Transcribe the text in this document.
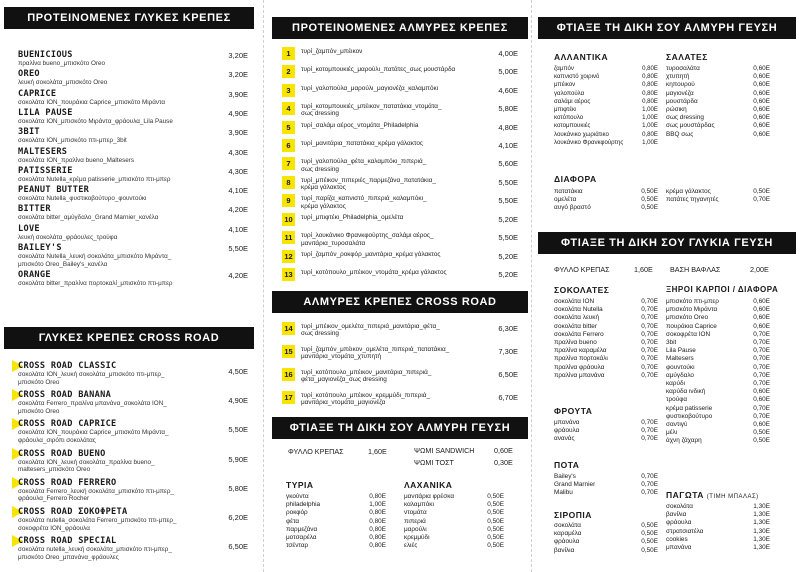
ΠΡΟΤΕΙΝΟΜΕΝΕΣ ΓΛΥΚΕΣ ΚΡΕΠΕΣ
BUENICIOUS
πραλίνα bueno_μπισκότο Oreo
3,20E
OREO
λευκή σοκολάτα_μπισκότο Oreo
3,20E
CAPRICE
σοκολάτα ION_πουράκια Caprice_μπισκότο Μιράντα
3,90E
LILA PAUSE
σοκολάτα ION_μπισκότο Μιράντα_φράουλα_Lila Pause
4,90E
3BIT
σοκολάτα ION_μπισκότο πτι-μπερ_3bit
3,90E
MALTESERS
σοκολάτα ION_πραλίνα bueno_Maltesers
4,30E
PATISSERIE
σοκολάτα Nutella_κρέμα patisserie_μπισκότο πτι-μπερ
4,30E
PEANUT BUTTER
σοκολάτα Nutella_φυστικοβούτυρο_φουντούκι
4,10E
BITTER
σοκολάτα bitter_αμύγδαλο_Grand Marnier_κανέλα
4,20E
LOVE
λευκή σοκολάτα_φράουλες_τρούφα
4,10E
BAILEY'S
σοκολάτα Nutella_λευκή σοκολάτα_μπισκότο Μιράντα_
μπισκότο Oreo_Bailey's_κανέλα
5,50E
ORANGE
σοκολάτα bitter_πραλίνα πορτοκαλί_μπισκότο πτι-μπερ
4,20E
ΓΛΥΚΕΣ ΚΡΕΠΕΣ CROSS ROAD
CROSS ROAD CLASSIC
σοκολάτα ION_λευκή σοκολάτα_μπισκότο πτι-μπερ_
μπισκότο Oreo
4,50E
CROSS ROAD BANANA
σοκολάτα Ferrero_πραλίνα μπανάνα_σοκολάτα ION_
μπισκότο Oreo
4,90E
CROSS ROAD CAPRICE
σοκολάτα ION_πουράκια Caprice_μπισκότο Μιράντα_
φράουλα_σιρόπι σοκολάτας
5,50E
CROSS ROAD BUENO
σοκολάτα ION_λευκή σοκολάτα_πραλίνα bueno_
maltesers_μπισκότο Oreo
5,90E
CROSS ROAD FERRERO
σοκολάτα Ferrero_λευκή σοκολάτα_μπισκότο πτι-μπερ_
φράουλα_Ferrero Rocher
5,80E
CROSS ROAD ΣΟΚΟΦΡΕΤΑ
σοκολάτα nutella_σοκολάτα Ferrero_μπισκότο πτι-μπερ_
σοκοφρέτα ION_φράουλα
6,20E
CROSS ROAD SPECIAL
σοκολάτα nutella_λευκή σοκολάτα_μπισκότο πτι-μπερ_
μπισκότο Oreo_μπανάνα_φράουλες
6,50E
ΠΡΟΤΕΙΝΟΜΕΝΕΣ ΑΛΜΥΡΕΣ ΚΡΕΠΕΣ
1	τυρί_ζαμπόν_μπέικον	4,00E
2	τυρί_κοτομπουκιές_μαρούλι_πατάτες_σως μουστάρδα	5,00E
3	τυρί_γαλοπούλα_μαρούλι_μαγιονέζα_καλαμπόκι	4,60E
4	τυρί_κοτομπουκιές_μπέικον_πατατάκια_ντομάτα_
σως dressing
5,80E
5	τυρί_σαλάμι αέρος_ντομάτα_Philadelphia	4,80E
6	τυρί_μανιτάρια_πατατάκια_κρέμα γάλακτος	4,10E
7	τυρί_γαλοπούλα_φέτα_καλαμπόκι_πιπεριά_
σως dressing
5,60E
8	τυρί_μπέικον_πιπεριές_παρμεζάνα_πατατάκια_
κρέμα γάλακτος
5,50E
9	τυρί_παρίζα_καπνιστό_πιπεριά_καλαμπόκι_
κρέμα γάλακτος
5,50E
10	τυρί_μπιφτέκι_Philadelphia_ομελέτα	5,20E
11	τυρί_λουκάνικο Φρανκφούρτης_σαλάμι αέρος_
μανιτάρια_τυροσαλάτα
5,50E
12	τυρί_ζαμπόν_ροκφόρ_μανιτάρια_κρέμα γάλακτος	5,20E
13	τυρί_κοτόπουλο_μπέικον_ντομάτα_κρέμα γάλακτος	5,20E
ΑΛΜΥΡΕΣ ΚΡΕΠΕΣ CROSS ROAD
14	τυρί_μπέικον_ομελέτα_πιπεριά_μανιτάρια_φέτα_
σως dressing
6,30E
15	τυρί_ζαμπόν_μπέικον_ομελέτα_πιπεριά_πατατάκια_
μανιτάρια_ντομάτα_χτυπητή
7,30E
16	τυρί_κοτόπουλο_μπέικον_μανιτάρια_πιπεριά_
φέτα_μαγιονέζα_σως dressing
6,50E
17	τυρί_κοτόπουλο_μπέικον_κρεμμύδι_πιπεριά_
μανιτάρια_ντομάτα_μαγιονέζα
6,70E
ΦΤΙΑΞΕ ΤΗ ΔΙΚΗ ΣΟΥ ΑΛΜΥΡΗ ΓΕΥΣΗ
ΦΥΛΛΟ ΚΡΕΠΑΣ	1,60E	ΨΩΜΙ SANDWICH	0,60E
ΨΩΜΙ ΤΟΣΤ	0,30E
ΤΥΡΙΑ
γκούντα	0,80E
philadelphia	1,00E
ροκφόρ	0,80E
φέτα	0,80E
παρμεζάνα	0,80E
μοτσαρέλα	0,80E
τσένταρ	0,80E
ΛΑΧΑΝΙΚΑ
μανιτάρια φρέσκα	0,50E
καλαμπόκι	0,50E
ντομάτα	0,50E
πιπεριά	0,50E
μαρούλι	0,50E
κρεμμύδι	0,50E
ελιές	0,50E
ΦΤΙΑΞΕ ΤΗ ΔΙΚΗ ΣΟΥ ΑΛΜΥΡΗ ΓΕΥΣΗ
ΑΛΛΑΝΤΙΚΑ
ζαμπόν	0,80E
καπνιστό χοιρινό	0,80E
μπέικον	0,80E
γαλοπούλα	0,80E
σαλάμι αέρος	0,80E
μπιφτέκι	1,00E
κοτόπουλο	1,00E
κοτομπουκιές	1,00E
λουκάνικο χωριάτικο	0,80E
λουκάνικο Φρανκφούρτης	1,00E
ΣΑΛΑΤΕΣ
τυροσαλάτα	0,60E
χτυπητή	0,60E
κηπουρού	0,60E
μαγιονέζα	0,60E
μουστάρδα	0,60E
ρώσικη	0,60E
σως dressing	0,60E
σως μουστάρδας	0,60E
BBQ σως	0,60E
ΔΙΑΦΟΡΑ
πατατάκια	0,50E
ομελέτα	0,50E
αυγό βραστό	0,50E
κρέμα γάλακτος	0,50E
πατάτες τηγανητές	0,70E
ΦΤΙΑΞΕ ΤΗ ΔΙΚΗ ΣΟΥ ΓΛΥΚΙΑ ΓΕΥΣΗ
ΦΥΛΛΟ ΚΡΕΠΑΣ	1,60E ΒΑΣΗ ΒΑΦΛΑΣ	2,00E
ΣΟΚΟΛΑΤΕΣ
σοκολάτα ION	0,70E
σοκολάτα Nutella	0,70E
σοκολάτα λευκή	0,70E
σοκολάτα bitter	0,70E
σοκολάτα Ferrero	0,70E
πραλίνα bueno	0,70E
πραλίνα καραμέλα	0,70E
πραλίνα πορτοκάλι	0,70E
πραλίνα φράουλα	0,70E
πραλίνα μπανάνα	0,70E
ΞΗΡΟΙ ΚΑΡΠΟΙ / ΔΙΑΦΟΡΑ
μπισκότο πτι-μπερ	0,60E
μπισκότο Μιράντα	0,60E
μπισκότο Oreo	0,60E
πουράκια Caprice	0,60E
σοκοφρέτα ION	0,70E
3bit	0,70E
Lila Pause	0,70E
Maltesers	0,70E
φουντούκι	0,70E
αμύγδαλο	0,70E
καρύδι	0,70E
καρύδα ινδική	0,60E
τρούφα	0,60E
κρέμα patisserie	0,70E
φυστικοβούτυρο	0,70E
σαντιγύ	0,60E
μέλι	0,50E
άχνη ζάχαρη	0,50E
ΦΡΟΥΤΑ
μπανάνα	0,70E
φράουλα	0,70E
ανανάς	0,70E
ΠΟΤΑ
Bailey's	0,70E
Grand Marnier	0,70E
Malibu	0,70E
ΣΙΡΟΠΙΑ
σοκολάτα	0,50E
καραμέλα	0,50E
φράουλα	0,50E
βανίλια	0,50E
ΠΑΓΩΤΑ (ΤΙΜΗ ΜΠΑΛΑΣ)
σοκολάτα	1,30E
βανίλια	1,30E
φράουλα	1,30E
στρατσιατέλα	1,30E
cookies	1,30E
μπανάνα	1,30E
